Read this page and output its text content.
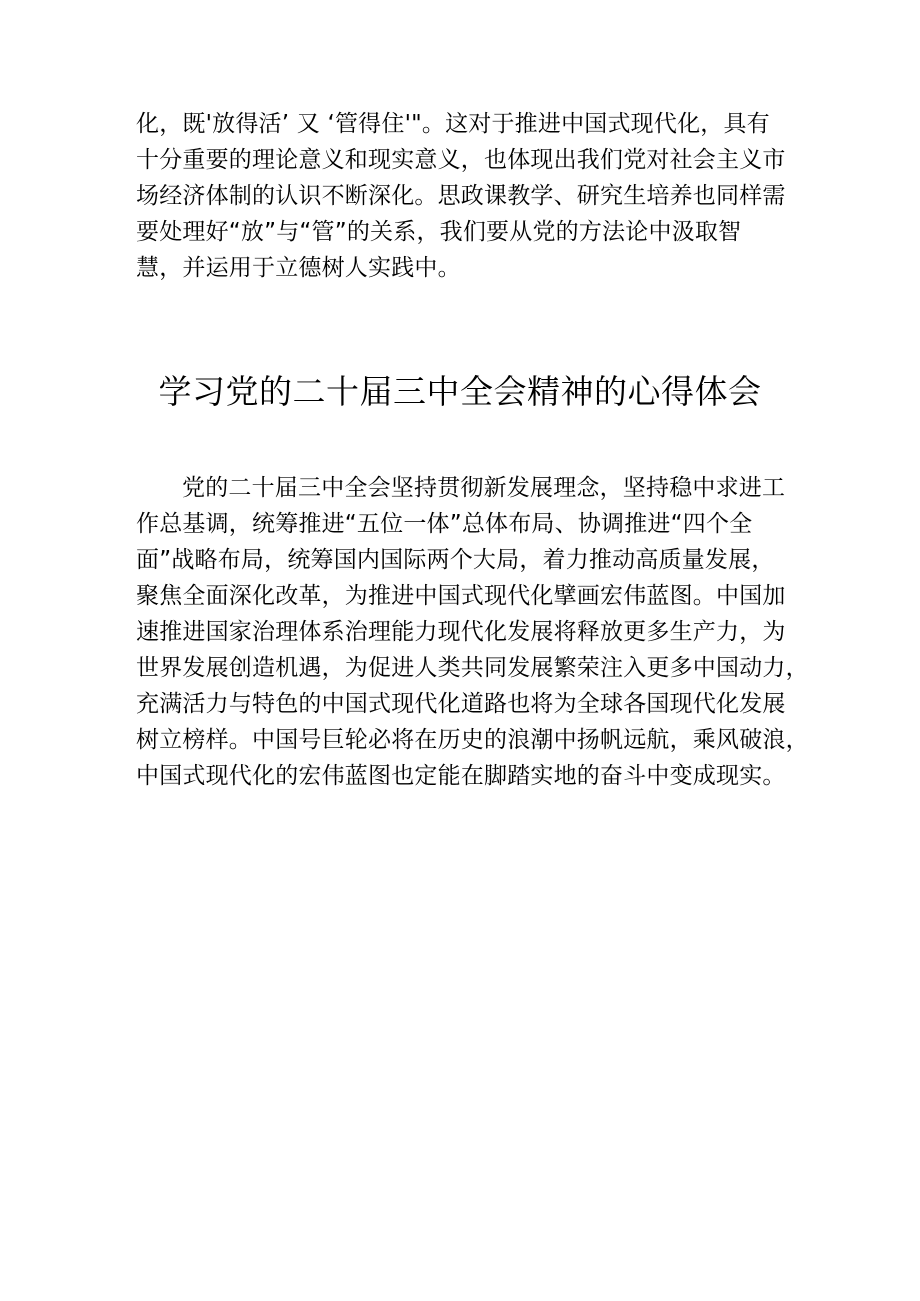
化，既'放得活’ 又 ‘管得住'"。这对于推进中国式现代化，具有
十分重要的理论意义和现实意义，也体现出我们党对社会主义市
场经济体制的认识不断深化。思政课教学、研究生培养也同样需
要处理好“放”与“管”的关系，我们要从党的方法论中汲取智
慧，并运用于立德树人实践中。
学习党的二十届三中全会精神的心得体会
党的二十届三中全会坚持贯彻新发展理念，坚持稳中求进工
作总基调，统筹推进“五位一体”总体布局、协调推进“四个全
面”战略布局，统筹国内国际两个大局，着力推动高质量发展，
聚焦全面深化改革，为推进中国式现代化擘画宏伟蓝图。中国加
速推进国家治理体系治理能力现代化发展将释放更多生产力，为
世界发展创造机遇，为促进人类共同发展繁荣注入更多中国动力，
充满活力与特色的中国式现代化道路也将为全球各国现代化发展
树立榜样。中国号巨轮必将在历史的浪潮中扬帆远航，乘风破浪，
中国式现代化的宏伟蓝图也定能在脚踏实地的奋斗中变成现实。
